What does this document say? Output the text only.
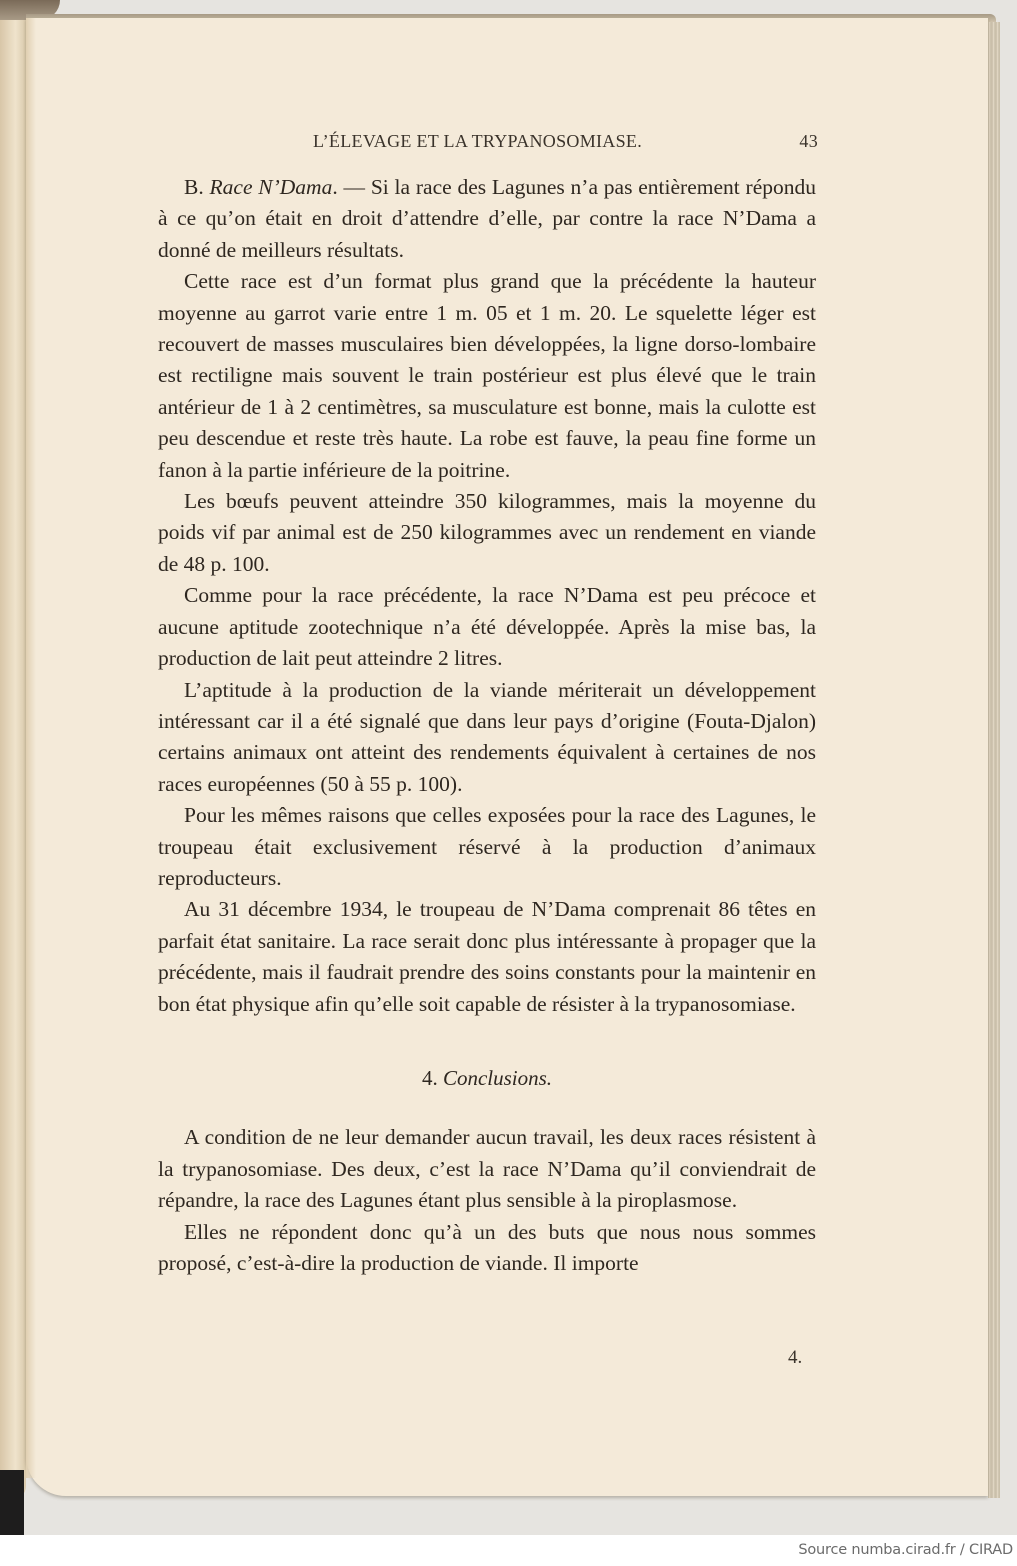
L’ÉLEVAGE ET LA TRYPANOSOMIASE.	43

B. Race N’Dama. — Si la race des Lagunes n’a pas entièrement répondu à ce qu’on était en droit d’attendre d’elle, par contre la race N’Dama a donné de meilleurs résultats.

Cette race est d’un format plus grand que la précédente la hauteur moyenne au garrot varie entre 1 m. 05 et 1 m. 20. Le squelette léger est recouvert de masses musculaires bien développées, la ligne dorso-lombaire est rectiligne mais souvent le train postérieur est plus élevé que le train antérieur de 1 à 2 centimètres, sa musculature est bonne, mais la culotte est peu descendue et reste très haute. La robe est fauve, la peau fine forme un fanon à la partie inférieure de la poitrine.

Les bœufs peuvent atteindre 350 kilogrammes, mais la moyenne du poids vif par animal est de 250 kilogrammes avec un rendement en viande de 48 p. 100.

Comme pour la race précédente, la race N’Dama est peu précoce et aucune aptitude zootechnique n’a été développée. Après la mise bas, la production de lait peut atteindre 2 litres.

L’aptitude à la production de la viande mériterait un développement intéressant car il a été signalé que dans leur pays d’origine (Fouta-Djalon) certains animaux ont atteint des rendements équivalent à certaines de nos races européennes (50 à 55 p. 100).

Pour les mêmes raisons que celles exposées pour la race des Lagunes, le troupeau était exclusivement réservé à la production d’animaux reproducteurs.

Au 31 décembre 1934, le troupeau de N’Dama comprenait 86 têtes en parfait état sanitaire. La race serait donc plus intéressante à propager que la précédente, mais il faudrait prendre des soins constants pour la maintenir en bon état physique afin qu’elle soit capable de résister à la trypanosomiase.

4. Conclusions.

A condition de ne leur demander aucun travail, les deux races résistent à la trypanosomiase. Des deux, c’est la race N’Dama qu’il conviendrait de répandre, la race des Lagunes étant plus sensible à la piroplasmose.

Elles ne répondent donc qu’à un des buts que nous nous sommes proposé, c’est-à-dire la production de viande. Il importe

4.
Source numba.cirad.fr / CIRAD
